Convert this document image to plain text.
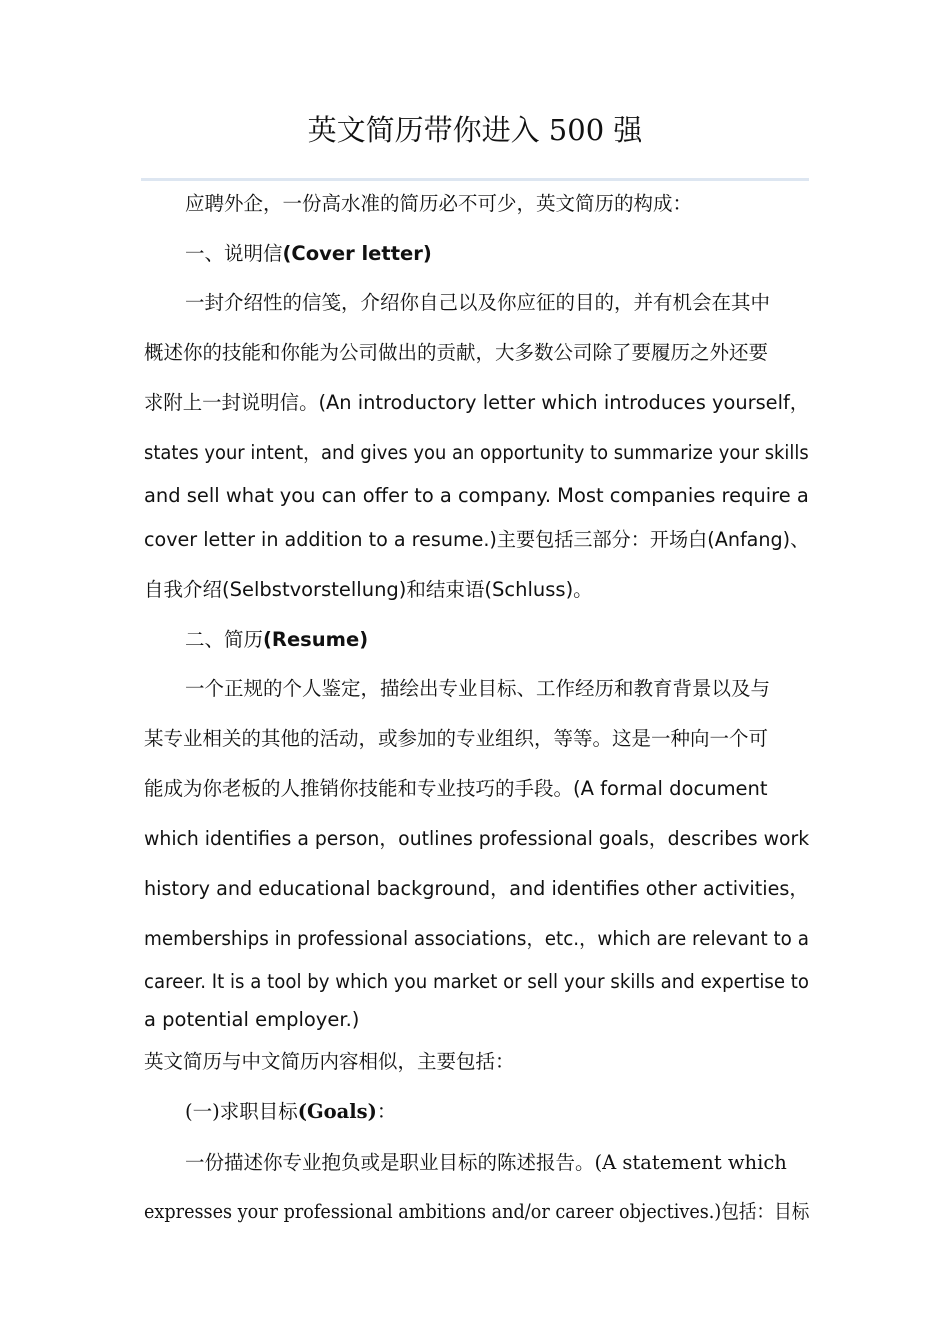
英文简历带你进入 500 强
应聘外企，一份高水准的简历必不可少，英文简历的构成：
一、说明信(Cover letter)
一封介绍性的信笺，介绍你自己以及你应征的目的，并有机会在其中
概述你的技能和你能为公司做出的贡献，大多数公司除了要履历之外还要
求附上一封说明信。(An introductory letter which introduces yourself，
states your intent，and gives you an opportunity to summarize your skills
and sell what you can offer to a company. Most companies require a
cover letter in addition to a resume.)主要包括三部分：开场白(Anfang)、
自我介绍(Selbstvorstellung)和结束语(Schluss)。
二、简历(Resume)
一个正规的个人鉴定，描绘出专业目标、工作经历和教育背景以及与
某专业相关的其他的活动，或参加的专业组织，等等。这是一种向一个可
能成为你老板的人推销你技能和专业技巧的手段。(A formal document
which identifies a person，outlines professional goals，describes work
history and educational background，and identifies other activities，
memberships in professional associations，etc.，which are relevant to a
career. It is a tool by which you market or sell your skills and expertise to
a potential employer.)
英文简历与中文简历内容相似，主要包括：
(一)求职目标(Goals)：
一份描述你专业抱负或是职业目标的陈述报告。(A statement which
expresses your professional ambitions and/or career objectives.)包括：目标
